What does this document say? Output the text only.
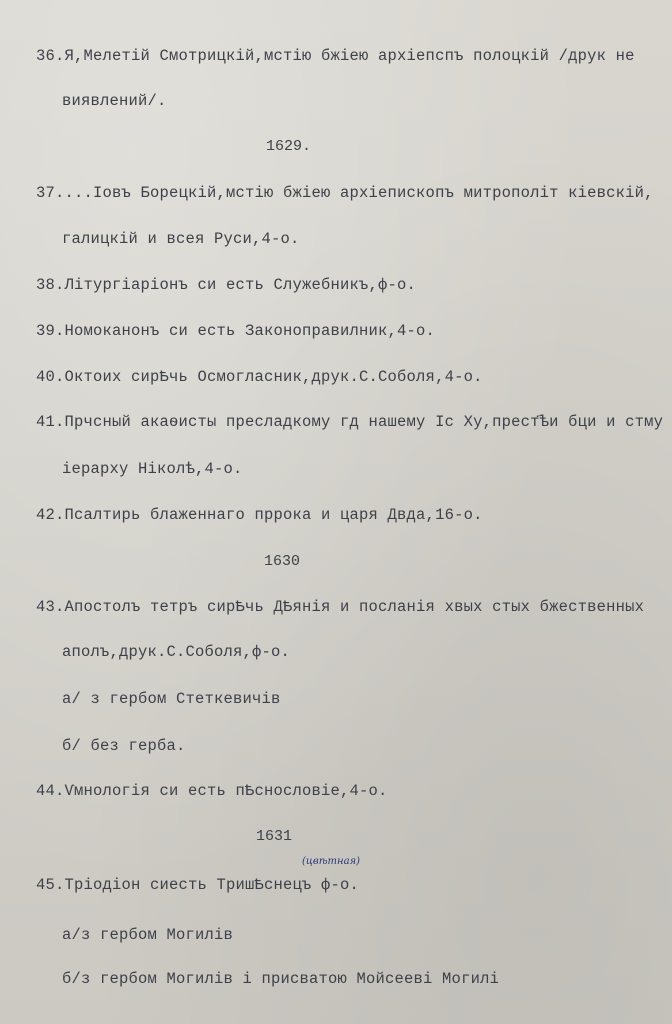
36.Я,Мелетiй Смотрицкiй,мстiю бжiею архiепспъ полоцкiй /друк не
виявлений/.
1629.
37....Iовъ Борецкiй,мстiю бжiею архiепископъ митрополiт кiевскiй,
галицкiй и всея Руси,4-о.
38.Лiтургiарiонъ си есть Служебникъ,ф-о.
39.Номоканонъ си есть Законоправилник,4-о.
40.Октоих сирѢчь Осмогласник,друк.С.Соболя,4-о.
41.Прчсный акаѳисты пресладкому гд нашему Iс Ху,прест҃ѣи бци и стму
iерарху Нiколѣ,4-о.
42.Псалтирь блаженнаго пррока и царя Двда,16-о.
1630
43.Апостолъ тетръ сирѢчь ДѢянiя и посланiя хвых стых бжественных
аполъ,друк.С.Соболя,ф-о.
а/ з гербом Стеткевичiв
б/ без герба.
44.Ѵмнологiя си есть пѢснословiе,4-о.
1631
(цвѣтная)
45.Трiодiон сиесть ТришѢснецъ ф-о.
а/з гербом Могилiв
б/з гербом Могилiв i присватою Мойсеевi Могилi
